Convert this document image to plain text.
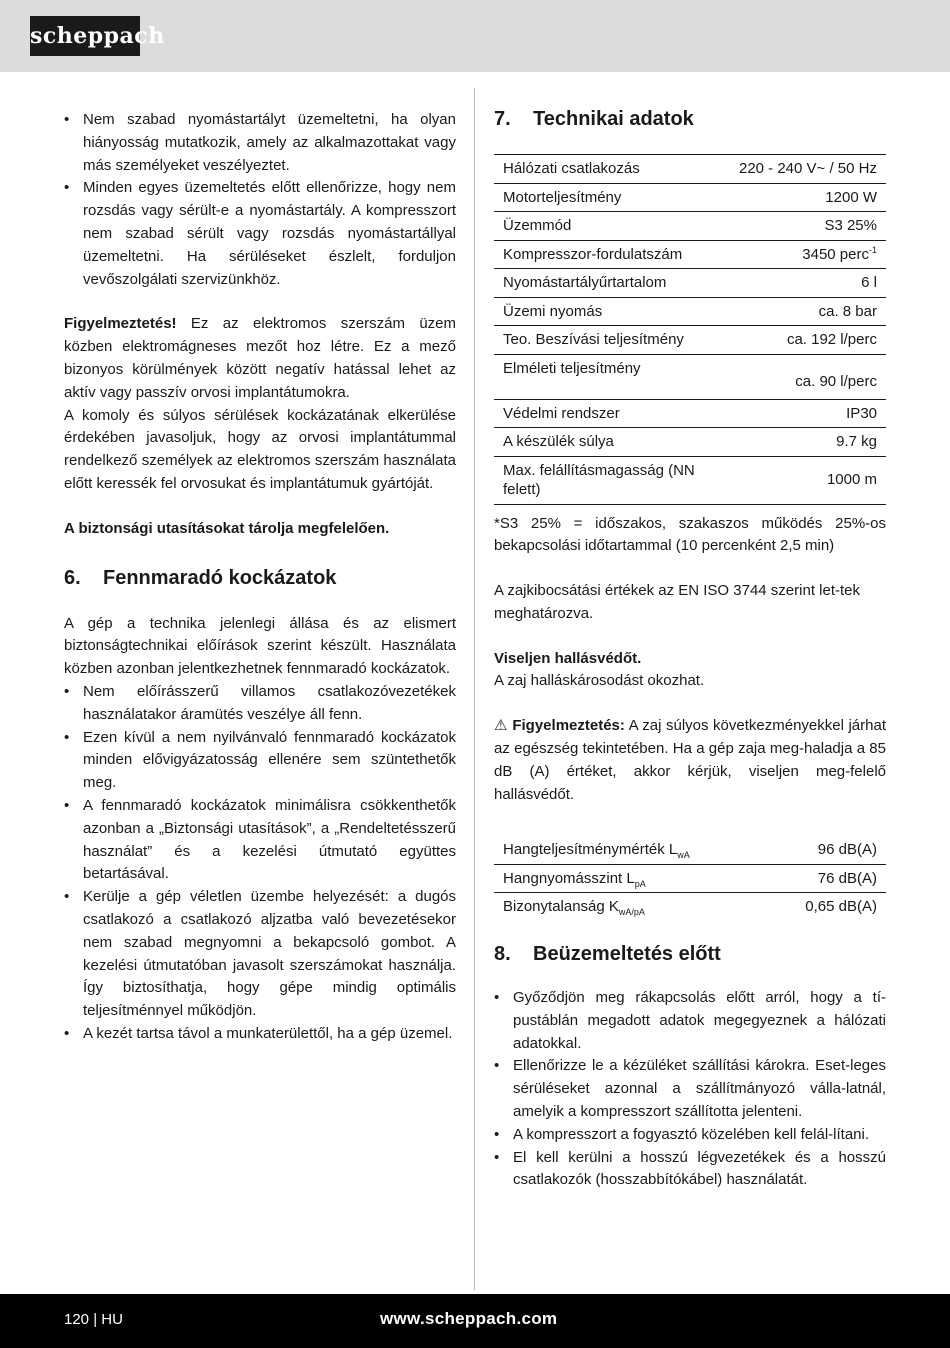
scheppach
• Nem szabad nyomástartályt üzemeltetni, ha olyan hiányosság mutatkozik, amely az alkalmazottakat vagy más személyeket veszélyeztet.
• Minden egyes üzemeltetés előtt ellenőrizze, hogy nem rozsdás vagy sérült-e a nyomástartály. A kompresszort nem szabad sérült vagy rozsdás nyomástartállyal üzemeltetni. Ha sérüléseket észlelt, forduljon vevőszolgálati szervizünkhöz.

Figyelmeztetés! Ez az elektromos szerszám üzem közben elektromágneses mezőt hoz létre. Ez a mező bizonyos körülmények között negatív hatással lehet az aktív vagy passzív orvosi implantátumokra.

A komoly és súlyos sérülések kockázatának elkerülése érdekében javasoljuk, hogy az orvosi implantátummal rendelkező személyek az elektromos szerszám használata előtt keressék fel orvosukat és implantátumuk gyártóját.

A biztonsági utasításokat tárolja megfelelően.

6. Fennmaradó kockázatok

A gép a technika jelenlegi állása és az elismert biztonságtechnikai előírások szerint készült. Használata közben azonban jelentkezhetnek fennmaradó kockázatok.

• Nem előírásszerű villamos csatlakozóvezetékek használatakor áramütés veszélye áll fenn.
• Ezen kívül a nem nyilvánvaló fennmaradó kockázatok minden elővigyázatosság ellenére sem szüntethetők meg.
• A fennmaradó kockázatok minimálisra csökkenthetők azonban a „Biztonsági utasítások”, a „Rendeltetésszerű használat” és a kezelési útmutató együttes betartásával.
• Kerülje a gép véletlen üzembe helyezését: a dugós csatlakozó a csatlakozó aljzatba való bevezetésekor nem szabad megnyomni a bekapcsoló gombot. A kezelési útmutatóban javasolt szerszámokat használja. Így biztosíthatja, hogy gépe mindig optimális teljesítménnyel működjön.
• A kezét tartsa távol a munkaterülettől, ha a gép üzemel.
7. Technikai adatok
Hálózati csatlakozás	220 - 240 V~ / 50 Hz
Motorteljesítmény	1200 W
Üzemmód	S3 25%
Kompresszor-fordulatszám	3450 perc$^{-1}$
Nyomástartályűrtartalom	6 l
Üzemi nyomás	ca. 8 bar
Teo. Beszívási teljesítmény	ca. 192 l/perc
Elméleti teljesítmény	ca. 90 l/perc
Védelmi rendszer	IP30
A készülék súlya	9.7 kg
Max. felállításmagasság (NN felett)	1000 m

*S3 25% = időszakos, szakaszos működés 25%-os bekapcsolási időtartammal (10 percenként 2,5 min)

A zajkibocsátási értékek az EN ISO 3744 szerint let-tek meghatározva.

Viseljen hallásvédőt.

A zaj halláskárosodást okozhat.

⚠ Figyelmeztetés: A zaj súlyos következményekkel járhat az egészség tekintetében. Ha a gép zaja meg-haladja a 85 dB (A) értéket, akkor kérjük, viseljen meg-felelő hallásvédőt.

Hangteljesítménymérték $L_{wA}$	96 dB(A)
Hangnyomásszint $L_{pA}$	76 dB(A)
Bizonytalanság $K_{wA/pA}$	0,65 dB(A)
8. Beüzemeltetés előtt
• Győződjön meg rákapcsolás előtt arról, hogy a tí-pustáblán megadott adatok megegyeznek a hálózati adatokkal.
• Ellenőrizze le a kézüléket szállítási károkra. Eset-leges sérüléseket azonnal a szállítmányozó válla-latnál, amelyik a kompresszort szállította jelenteni.
• A kompresszort a fogyasztó közelében kell felál-lítani.
• El kell kerülni a hosszú légvezetékek és a hosszú csatlakozók (hosszabbítókábel) használatát.
120 | HU	www.scheppach.com
